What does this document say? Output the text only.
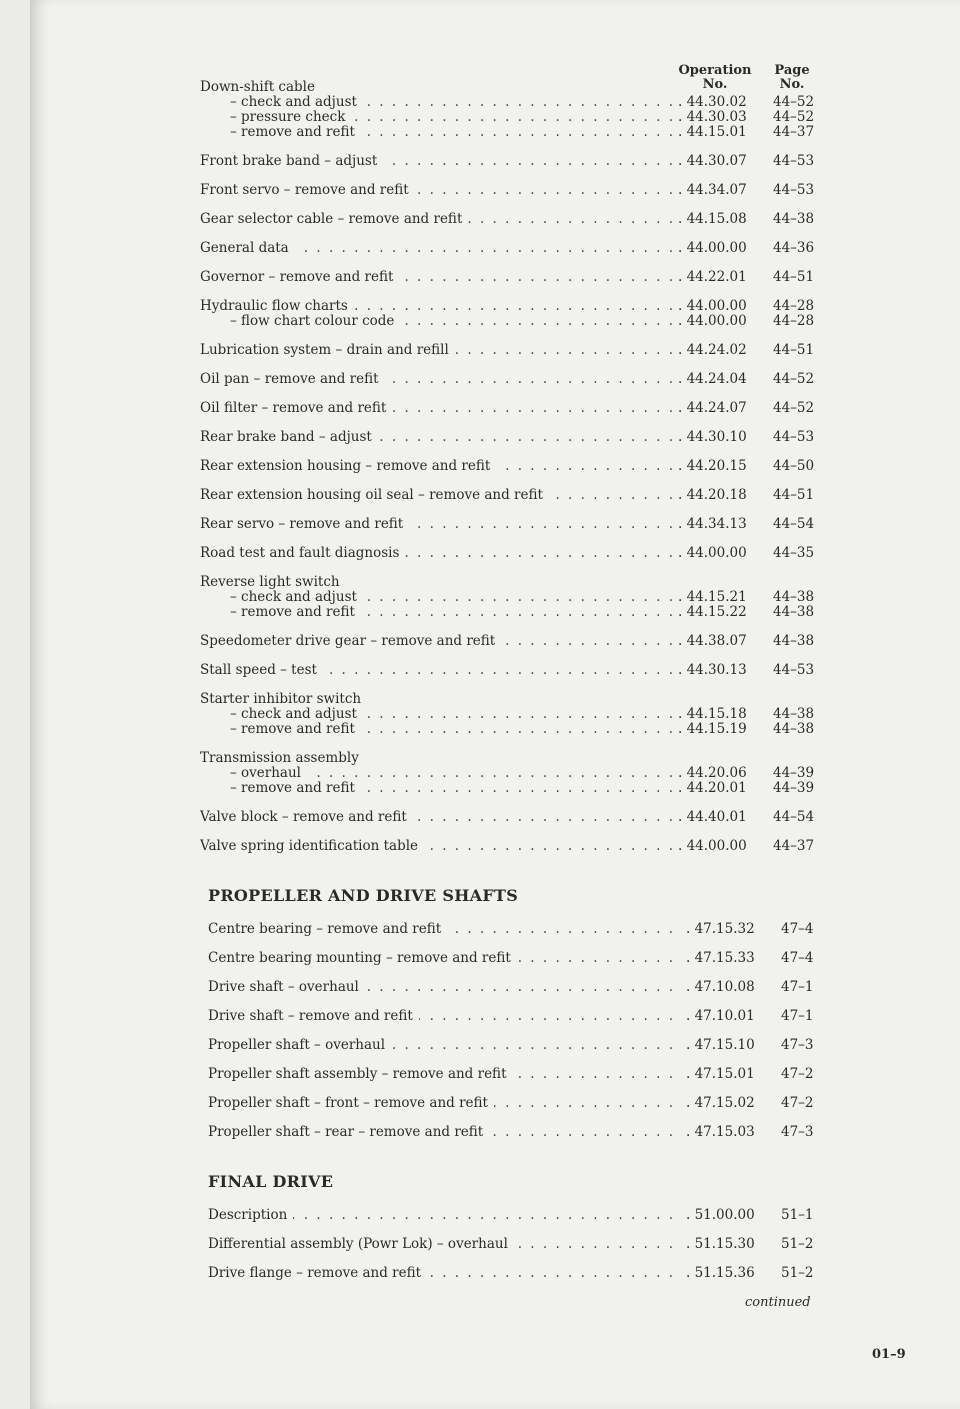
Operation
No.
Page
No.
Down-shift cable
. . .
– check and adjust	. 44.30.02	44–52
. . .
– pressure check	. 44.30.03	44–52
. . .
– remove and refit	. 44.15.01	44–37
. . .
Front brake band – adjust	. 44.30.07	44–53
. . .
Front servo – remove and refit	. 44.34.07	44–53
. . .
Gear selector cable – remove and refit	. 44.15.08	44–38
. . .
General data	. 44.00.00	44–36
. . .
Governor – remove and refit	. 44.22.01	44–51
. . .
Hydraulic flow charts	. 44.00.00	44–28
. . .
– flow chart colour code	. 44.00.00	44–28
. . .
Lubrication system – drain and refill	. 44.24.02	44–51
. . .
Oil pan – remove and refit	. 44.24.04	44–52
. . .
Oil filter – remove and refit	. 44.24.07	44–52
. . .
Rear brake band – adjust	. 44.30.10	44–53
. . .
Rear extension housing – remove and refit	. 44.20.15	44–50
. . .
Rear extension housing oil seal – remove and refit	. 44.20.18	44–51
. . .
Rear servo – remove and refit	. 44.34.13	44–54
. . .
Road test and fault diagnosis	. 44.00.00	44–35
Reverse light switch
. . .
– check and adjust	. 44.15.21	44–38
. . .
– remove and refit	. 44.15.22	44–38
. . .
Speedometer drive gear – remove and refit	. 44.38.07	44–38
. . .
Stall speed – test	. 44.30.13	44–53
Starter inhibitor switch
. . .
– check and adjust	. 44.15.18	44–38
. . .
– remove and refit	. 44.15.19	44–38
Transmission assembly
. . .
– overhaul	. 44.20.06	44–39
. . .
– remove and refit	. 44.20.01	44–39
. . .
Valve block – remove and refit	. 44.40.01	44–54
. . .
Valve spring identification table	. 44.00.00	44–37
PROPELLER AND DRIVE SHAFTS
. . .
Centre bearing – remove and refit	. 47.15.32	47–4
. . .
Centre bearing mounting – remove and refit	. 47.15.33	47–4
. . .
Drive shaft – overhaul	. 47.10.08	47–1
. . .
Drive shaft – remove and refit	. 47.10.01	47–1
. . .
Propeller shaft – overhaul	. 47.15.10	47–3
. . .
Propeller shaft assembly – remove and refit	. 47.15.01	47–2
. . .
Propeller shaft – front – remove and refit	. 47.15.02	47–2
. . .
Propeller shaft – rear – remove and refit	. 47.15.03	47–3
FINAL DRIVE
. . .
Description	. 51.00.00	51–1
. . .
Differential assembly (Powr Lok) – overhaul	. 51.15.30	51–2
. . .
Drive flange – remove and refit	. 51.15.36	51–2
continued
01–9
